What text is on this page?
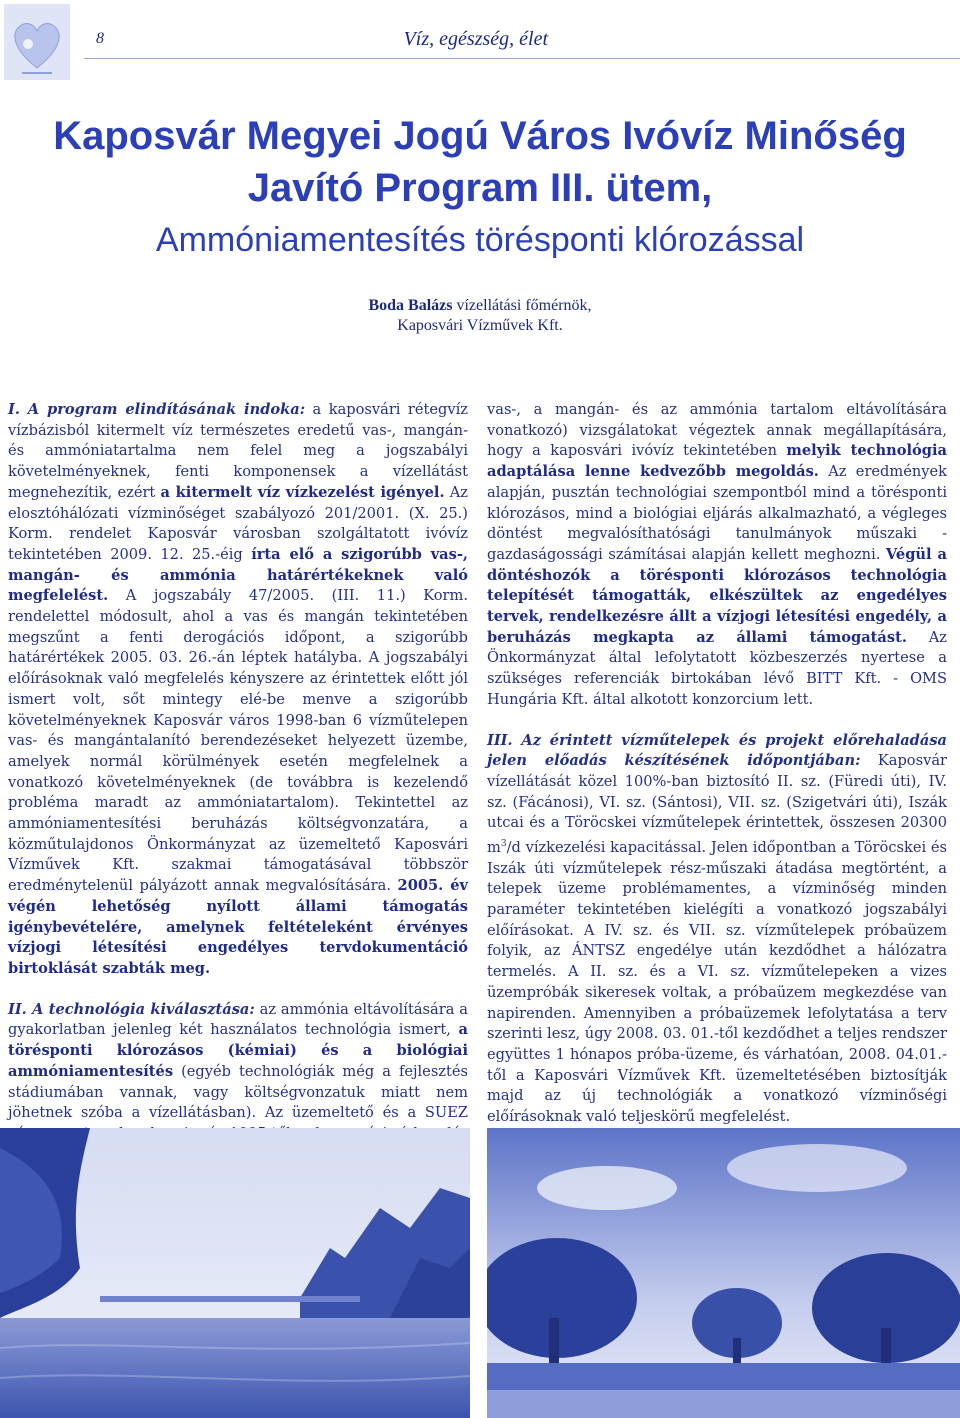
8	Víz, egészség, élet
Kaposvár Megyei Jogú Város Ivóvíz Minőség
Javító Program III. ütem,
Ammóniamentesítés törésponti klórozással
Boda Balázs vízellátási főmérnök,
Kaposvári Vízművek Kft.

I. A program elindításának indoka: a kaposvári rétegvíz vízbázisból kitermelt víz természetes eredetű vas-, mangán- és ammóniatartalma nem felel meg a jogszabályi követelményeknek, fenti komponensek a vízellátást megnehezítik, ezért a kitermelt víz vízkezelést igényel. Az elosztóhálózati vízminőséget szabályozó 201/2001. (X. 25.) Korm. rendelet Kaposvár városban szolgáltatott ivóvíz tekintetében 2009. 12. 25.-éig írta elő a szigorúbb vas-, mangán- és ammónia határértékeknek való megfelelést. A jogszabály 47/2005. (III. 11.) Korm. rendelettel módosult, ahol a vas és mangán tekintetében megszűnt a fenti derogációs időpont, a szigorúbb határértékek 2005. 03. 26.-án léptek hatályba. A jogszabályi előírásoknak való megfelelés kényszere az érintettek előtt jól ismert volt, sőt mintegy elé-be menve a szigorúbb követelményeknek Kaposvár város 1998-ban 6 vízműtelepen vas- és mangántalanító berendezéseket helyezett üzembe, amelyek normál körülmények esetén megfelelnek a vonatkozó követelményeknek (de továbbra is kezelendő probléma maradt az ammóniatartalom). Tekintettel az ammóniamentesítési beruházás költségvonzatára, a közműtulajdonos Önkormányzat az üzemeltető Kaposvári Vízművek Kft. szakmai támogatásával többször eredménytelenül pályázott annak megvalósítására. 2005. év végén lehetőség nyílott állami támogatás igénybevételére, amelynek feltételeként érvényes vízjogi létesítési engedélyes tervdokumentáció birtoklását szabták meg.

II. A technológia kiválasztása: az ammónia eltávolítására a gyakorlatban jelenleg két használatos technológia ismert, a törésponti klórozásos (kémiai) és a biológiai ammóniamentesítés (egyéb technológiák még a fejlesztés stádiumában vannak, vagy költségvonzatuk miatt nem jöhetnek szóba a vízellátásban). Az üzemeltető és a SUEZ

vas-, a mangán- és az ammónia tartalom eltávolítására vonatkozó) vizsgálatokat végeztek annak megállapítására, hogy a kaposvári ivóvíz tekintetében melyik technológia adaptálása lenne kedvezőbb megoldás. Az eredmények alapján, pusztán technológiai szempontból mind a törésponti klórozásos, mind a biológiai eljárás alkalmazható, a végleges döntést megvalósíthatósági tanulmányok műszaki - gazdaságossági számításai alapján kellett meghozni. Végül a döntéshozók a törésponti klórozásos technológia telepítését támogatták, elkészültek az engedélyes tervek, rendelkezésre állt a vízjogi létesítési engedély, a beruházás megkapta az állami támogatást. Az Önkormányzat által lefolytatott közbeszerzés nyertese a szükséges referenciák birtokában lévő BITT Kft. - OMS Hungária Kft. által alkotott konzorcium lett.

III. Az érintett vízműtelepek és projekt előrehaladása jelen előadás készítésének időpontjában: Kaposvár vízellátását közel 100%-ban biztosító II. sz. (Füredi úti), IV. sz. (Fácánosi), VI. sz. (Sántosi), VII. sz. (Szigetvári úti), Iszák utcai és a Töröcskei vízműtelepek érintettek, összesen 20300 $m^3/d$ vízkezelési kapacitással. Jelen időpontban a Töröcskei és Iszák úti vízműtelepek rész-műszaki átadása megtörtént, a telepek üzeme problémamentes, a vízminőség minden paraméter tekintetében kielégíti a vonatkozó jogszabályi előírásokat. A IV. sz. és VII. sz. vízműtelepek próbaüzem folyik, az ÁNTSZ engedélye után kezdődhet a hálózatra termelés. A II. sz. és a VI. sz. vízműtelepeken a vizes üzempróbák sikeresek voltak, a próbaüzem megkezdése van napirenden. Amennyiben a próbaüzemek lefolytatása a terv szerinti lesz, úgy 2008. 03. 01.-től kezdődhet a teljes rendszer együttes 1 hónapos próba-üzeme, és várhatóan, 2008. 04.01.-től a Kaposvári Vízművek Kft. üzemeltetésében biztosítják majd az új technológiák a vonatkozó vízminőségi előírásoknak való teljeskörű megfelelést.
